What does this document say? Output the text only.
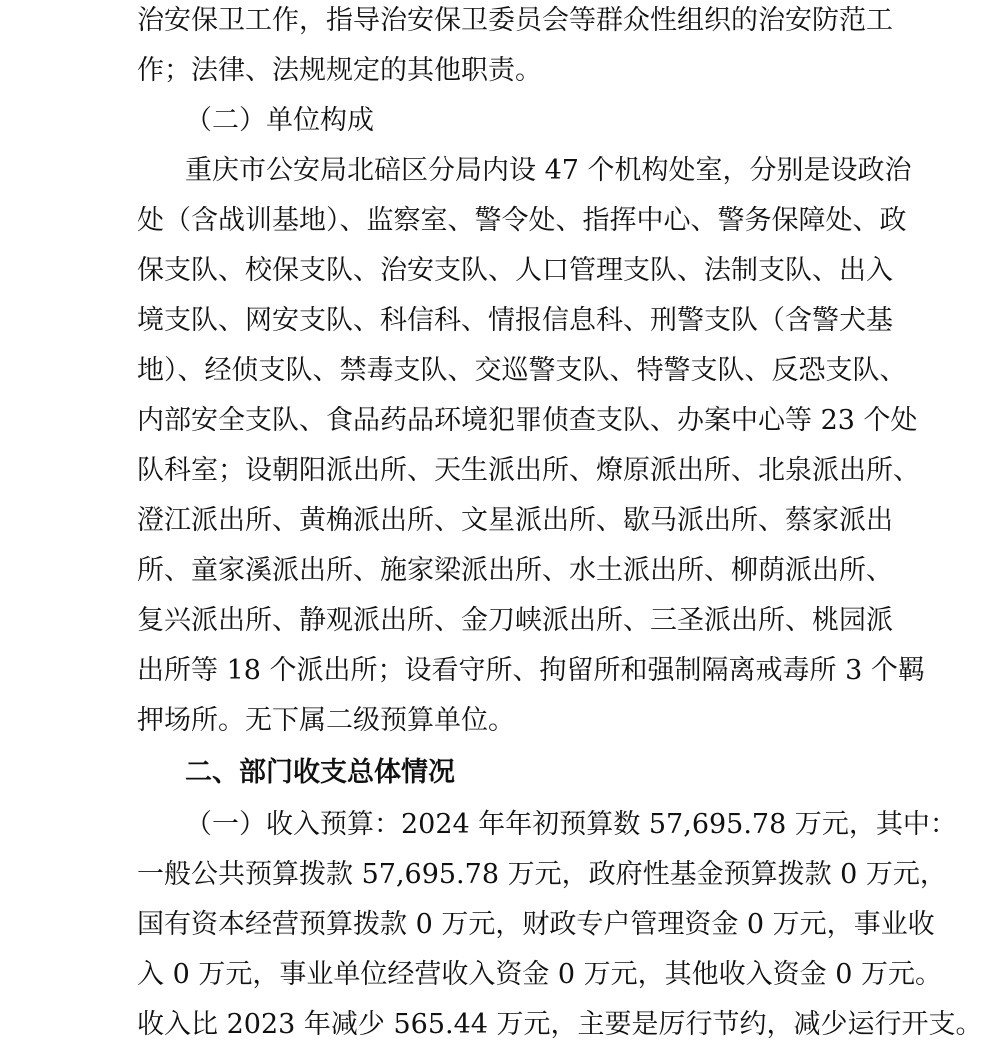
治安保卫工作，指导治安保卫委员会等群众性组织的治安防范工
作；法律、法规规定的其他职责。
（二）单位构成
重庆市公安局北碚区分局内设 47 个机构处室，分别是设政治
处（含战训基地）、监察室、警令处、指挥中心、警务保障处、政
保支队、校保支队、治安支队、人口管理支队、法制支队、出入
境支队、网安支队、科信科、情报信息科、刑警支队（含警犬基
地）、经侦支队、禁毒支队、交巡警支队、特警支队、反恐支队、
内部安全支队、食品药品环境犯罪侦查支队、办案中心等 23 个处
队科室；设朝阳派出所、天生派出所、燎原派出所、北泉派出所、
澄江派出所、黄桷派出所、文星派出所、歇马派出所、蔡家派出
所、童家溪派出所、施家梁派出所、水土派出所、柳荫派出所、
复兴派出所、静观派出所、金刀峡派出所、三圣派出所、桃园派
出所等 18 个派出所；设看守所、拘留所和强制隔离戒毒所 3 个羁
押场所。无下属二级预算单位。
二、部门收支总体情况
（一）收入预算：2024 年年初预算数 57,695.78 万元，其中：
一般公共预算拨款 57,695.78 万元，政府性基金预算拨款 0 万元，
国有资本经营预算拨款 0 万元，财政专户管理资金 0 万元，事业收
入 0 万元，事业单位经营收入资金 0 万元，其他收入资金 0 万元。
收入比 2023 年减少 565.44 万元，主要是厉行节约，减少运行开支。
